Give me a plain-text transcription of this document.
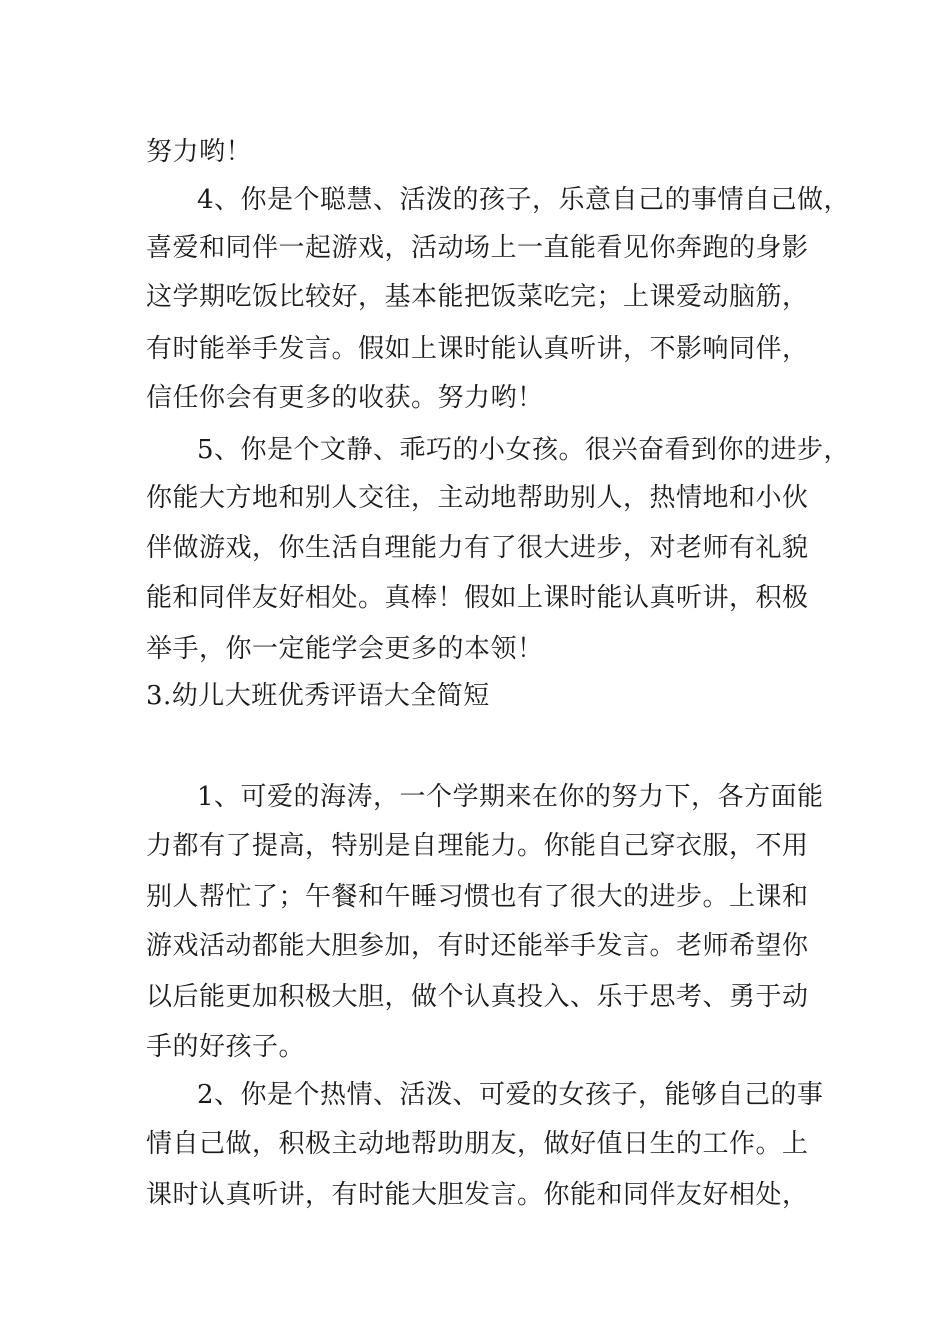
努力哟！
4、你是个聪慧、活泼的孩子，乐意自己的事情自己做，
喜爱和同伴一起游戏，活动场上一直能看见你奔跑的身影
这学期吃饭比较好，基本能把饭菜吃完；上课爱动脑筋，
有时能举手发言。假如上课时能认真听讲，不影响同伴，
信任你会有更多的收获。努力哟！
5、你是个文静、乖巧的小女孩。很兴奋看到你的进步，
你能大方地和别人交往，主动地帮助别人，热情地和小伙
伴做游戏，你生活自理能力有了很大进步，对老师有礼貌
能和同伴友好相处。真棒！假如上课时能认真听讲，积极
举手，你一定能学会更多的本领！
3.幼儿大班优秀评语大全简短
1、可爱的海涛，一个学期来在你的努力下，各方面能
力都有了提高，特别是自理能力。你能自己穿衣服，不用
别人帮忙了；午餐和午睡习惯也有了很大的进步。上课和
游戏活动都能大胆参加，有时还能举手发言。老师希望你
以后能更加积极大胆，做个认真投入、乐于思考、勇于动
手的好孩子。
2、你是个热情、活泼、可爱的女孩子，能够自己的事
情自己做，积极主动地帮助朋友，做好值日生的工作。上
课时认真听讲，有时能大胆发言。你能和同伴友好相处，
